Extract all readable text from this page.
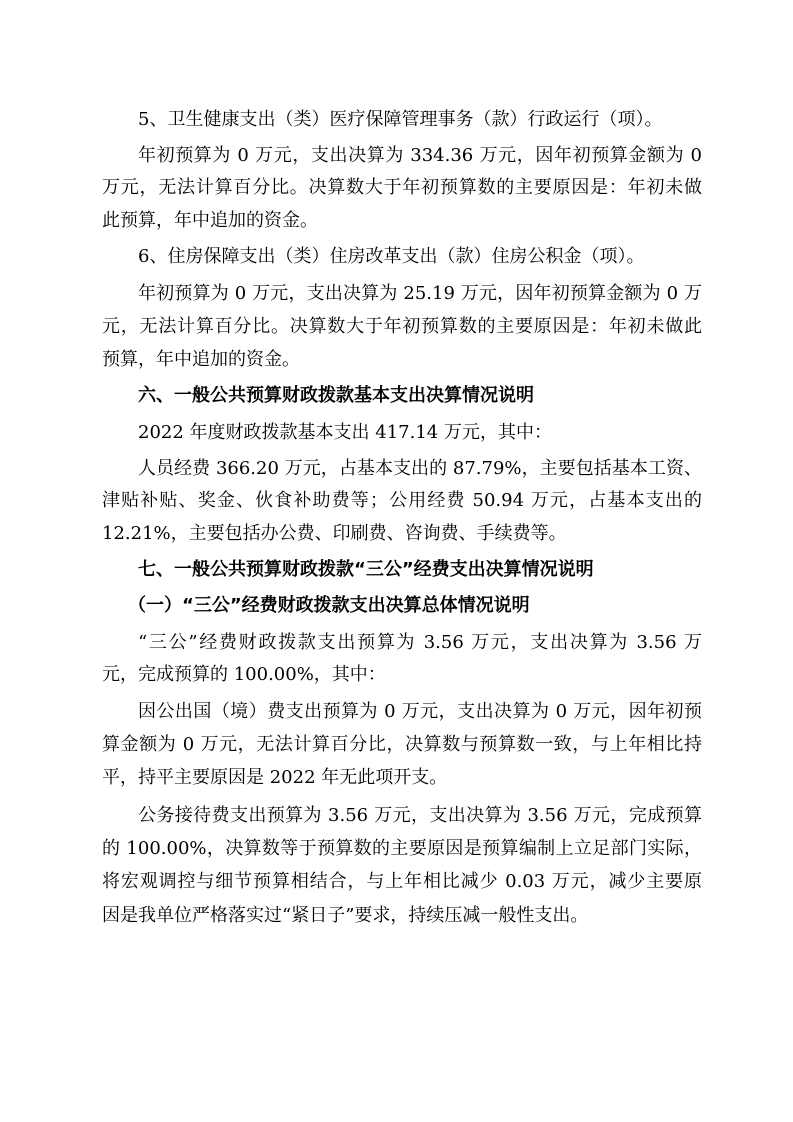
5、卫生健康支出（类）医疗保障管理事务（款）行政运行（项）。
年初预算为 0 万元，支出决算为 334.36 万元，因年初预算金额为 0
万元，无法计算百分比。决算数大于年初预算数的主要原因是：年初未做
此预算，年中追加的资金。
6、住房保障支出（类）住房改革支出（款）住房公积金（项）。
年初预算为 0 万元，支出决算为 25.19 万元，因年初预算金额为 0 万
元，无法计算百分比。决算数大于年初预算数的主要原因是：年初未做此
预算，年中追加的资金。
六、一般公共预算财政拨款基本支出决算情况说明
2022 年度财政拨款基本支出 417.14 万元，其中：
人员经费 366.20 万元，占基本支出的 87.79%，主要包括基本工资、
津贴补贴、奖金、伙食补助费等；公用经费 50.94 万元，占基本支出的
12.21%，主要包括办公费、印刷费、咨询费、手续费等。
七、一般公共预算财政拨款“三公”经费支出决算情况说明
（一）“三公”经费财政拨款支出决算总体情况说明
“三公”经费财政拨款支出预算为 3.56 万元，支出决算为 3.56 万
元，完成预算的 100.00%，其中：
因公出国（境）费支出预算为 0 万元，支出决算为 0 万元，因年初预
算金额为 0 万元，无法计算百分比，决算数与预算数一致，与上年相比持
平，持平主要原因是 2022 年无此项开支。
公务接待费支出预算为 3.56 万元，支出决算为 3.56 万元，完成预算
的 100.00%，决算数等于预算数的主要原因是预算编制上立足部门实际，
将宏观调控与细节预算相结合，与上年相比减少 0.03 万元，减少主要原
因是我单位严格落实过“紧日子”要求，持续压减一般性支出。
